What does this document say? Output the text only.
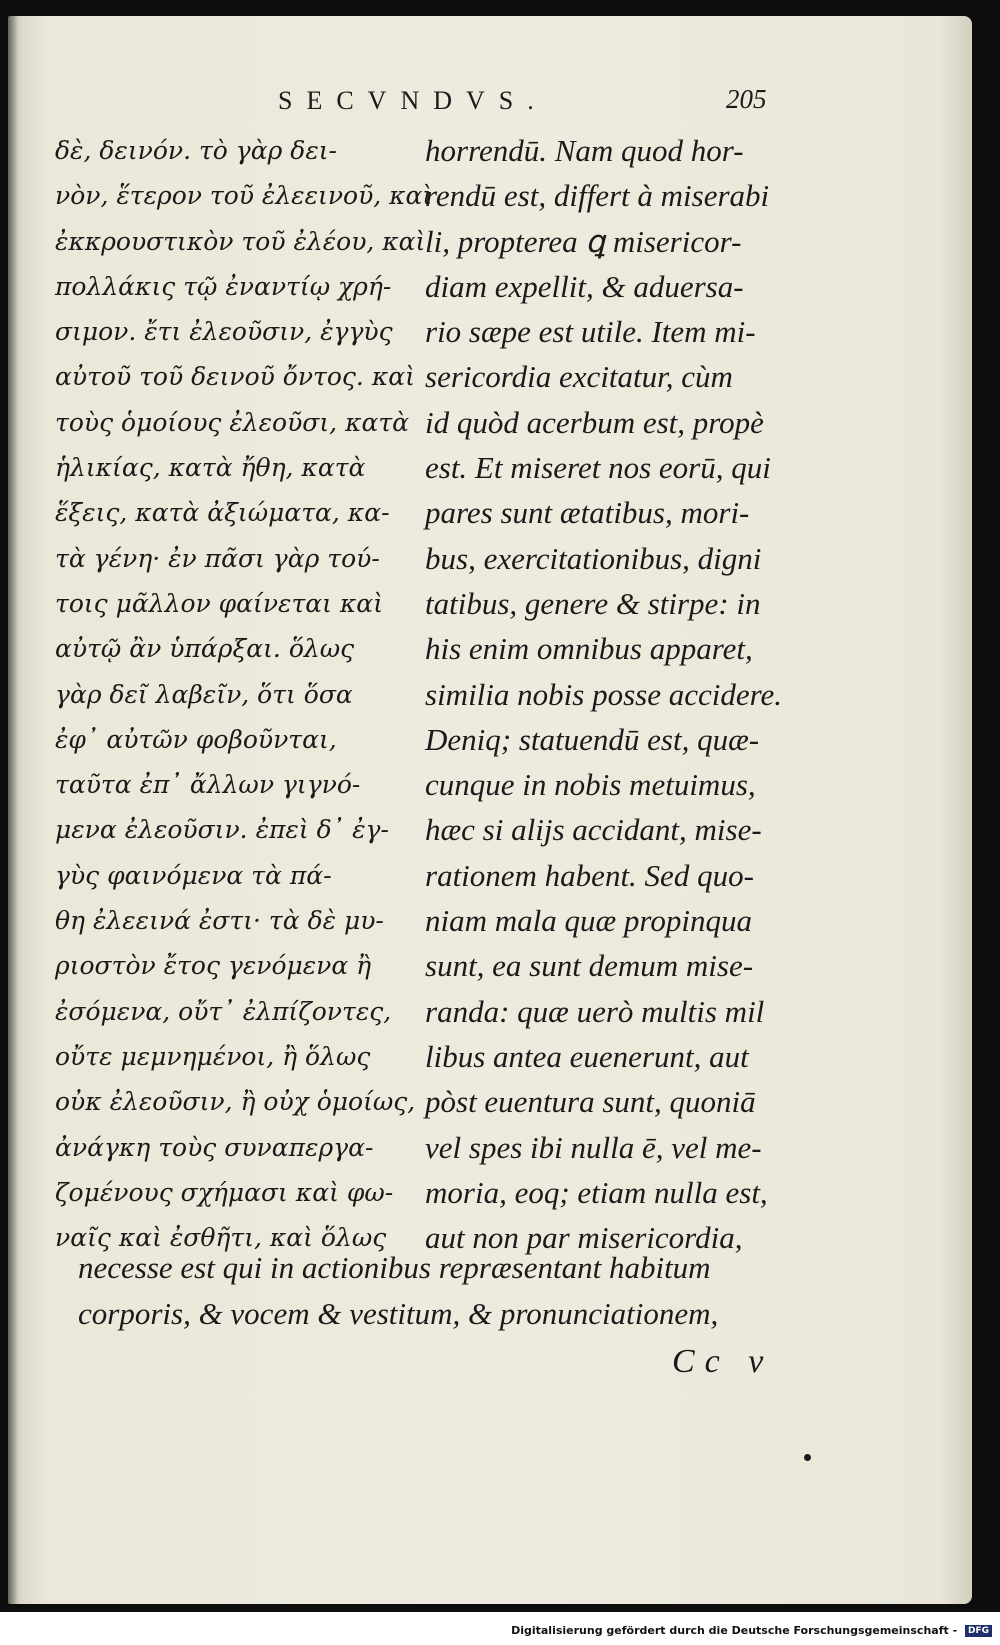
SECVNDVS.	205
δὲ, δεινόν. τὸ γὰρ δει-
νὸν, ἕτερον τοῦ ἐλεεινοῦ, καὶ
ἐκκρουστικὸν τοῦ ἐλέου, καὶ
πολλάκις τῷ ἐναντίῳ χρή-
σιμον. ἔτι ἐλεοῦσιν, ἐγγὺς
αὐτοῦ τοῦ δεινοῦ ὄντος. καὶ
τοὺς ὁμοίους ἐλεοῦσι, κατὰ
ἡλικίας, κατὰ ἤθη, κατὰ
ἕξεις, κατὰ ἀξιώματα, κα-
τὰ γένη· ἐν πᾶσι γὰρ τού-
τοις μᾶλλον φαίνεται καὶ
αὐτῷ ἂν ὑπάρξαι. ὅλως
γὰρ δεῖ λαβεῖν, ὅτι ὅσα
ἐφ᾽ αὐτῶν φοβοῦνται,
ταῦτα ἐπ᾽ ἄλλων γιγνό-
μενα ἐλεοῦσιν. ἐπεὶ δ᾽ ἐγ-
γὺς φαινόμενα τὰ πά-
θη ἐλεεινά ἐστι· τὰ δὲ μυ-
ριοστὸν ἔτος γενόμενα ἢ
ἐσόμενα, οὔτ᾽ ἐλπίζοντες,
οὔτε μεμνημένοι, ἢ ὅλως
οὐκ ἐλεοῦσιν, ἢ οὐχ ὁμοίως,
ἀνάγκη τοὺς συναπεργα-
ζομένους σχήμασι καὶ φω-
ναῖς καὶ ἐσθῆτι, καὶ ὅλως
horrendū. Nam quod hor-
rendū est, differt à miserabi
li, propterea ꝗ misericor-
diam expellit, & aduersa-
rio sæpe est utile. Item mi-
sericordia excitatur, cùm
id quòd acerbum est, propè
est. Et miseret nos eorū, qui
pares sunt ætatibus, mori-
bus, exercitationibus, digni
tatibus, genere & stirpe: in
his enim omnibus apparet,
similia nobis posse accidere.
Deniq; statuendū est, quæ-
cunque in nobis metuimus,
hæc si alijs accidant, mise-
rationem habent. Sed quo-
niam mala quæ propinqua
sunt, ea sunt demum mise-
randa: quæ uerò multis mil
libus antea euenerunt, aut
pòst euentura sunt, quoniā
vel spes ibi nulla ē, vel me-
moria, eoq; etiam nulla est,
aut non par misericordia,
necesse est qui in actionibus repræsentant habitum
corporis, & vocem & vestitum, & pronunciationem,
Cc v
Digitalisierung gefördert durch die Deutsche Forschungsgemeinschaft - DFG
